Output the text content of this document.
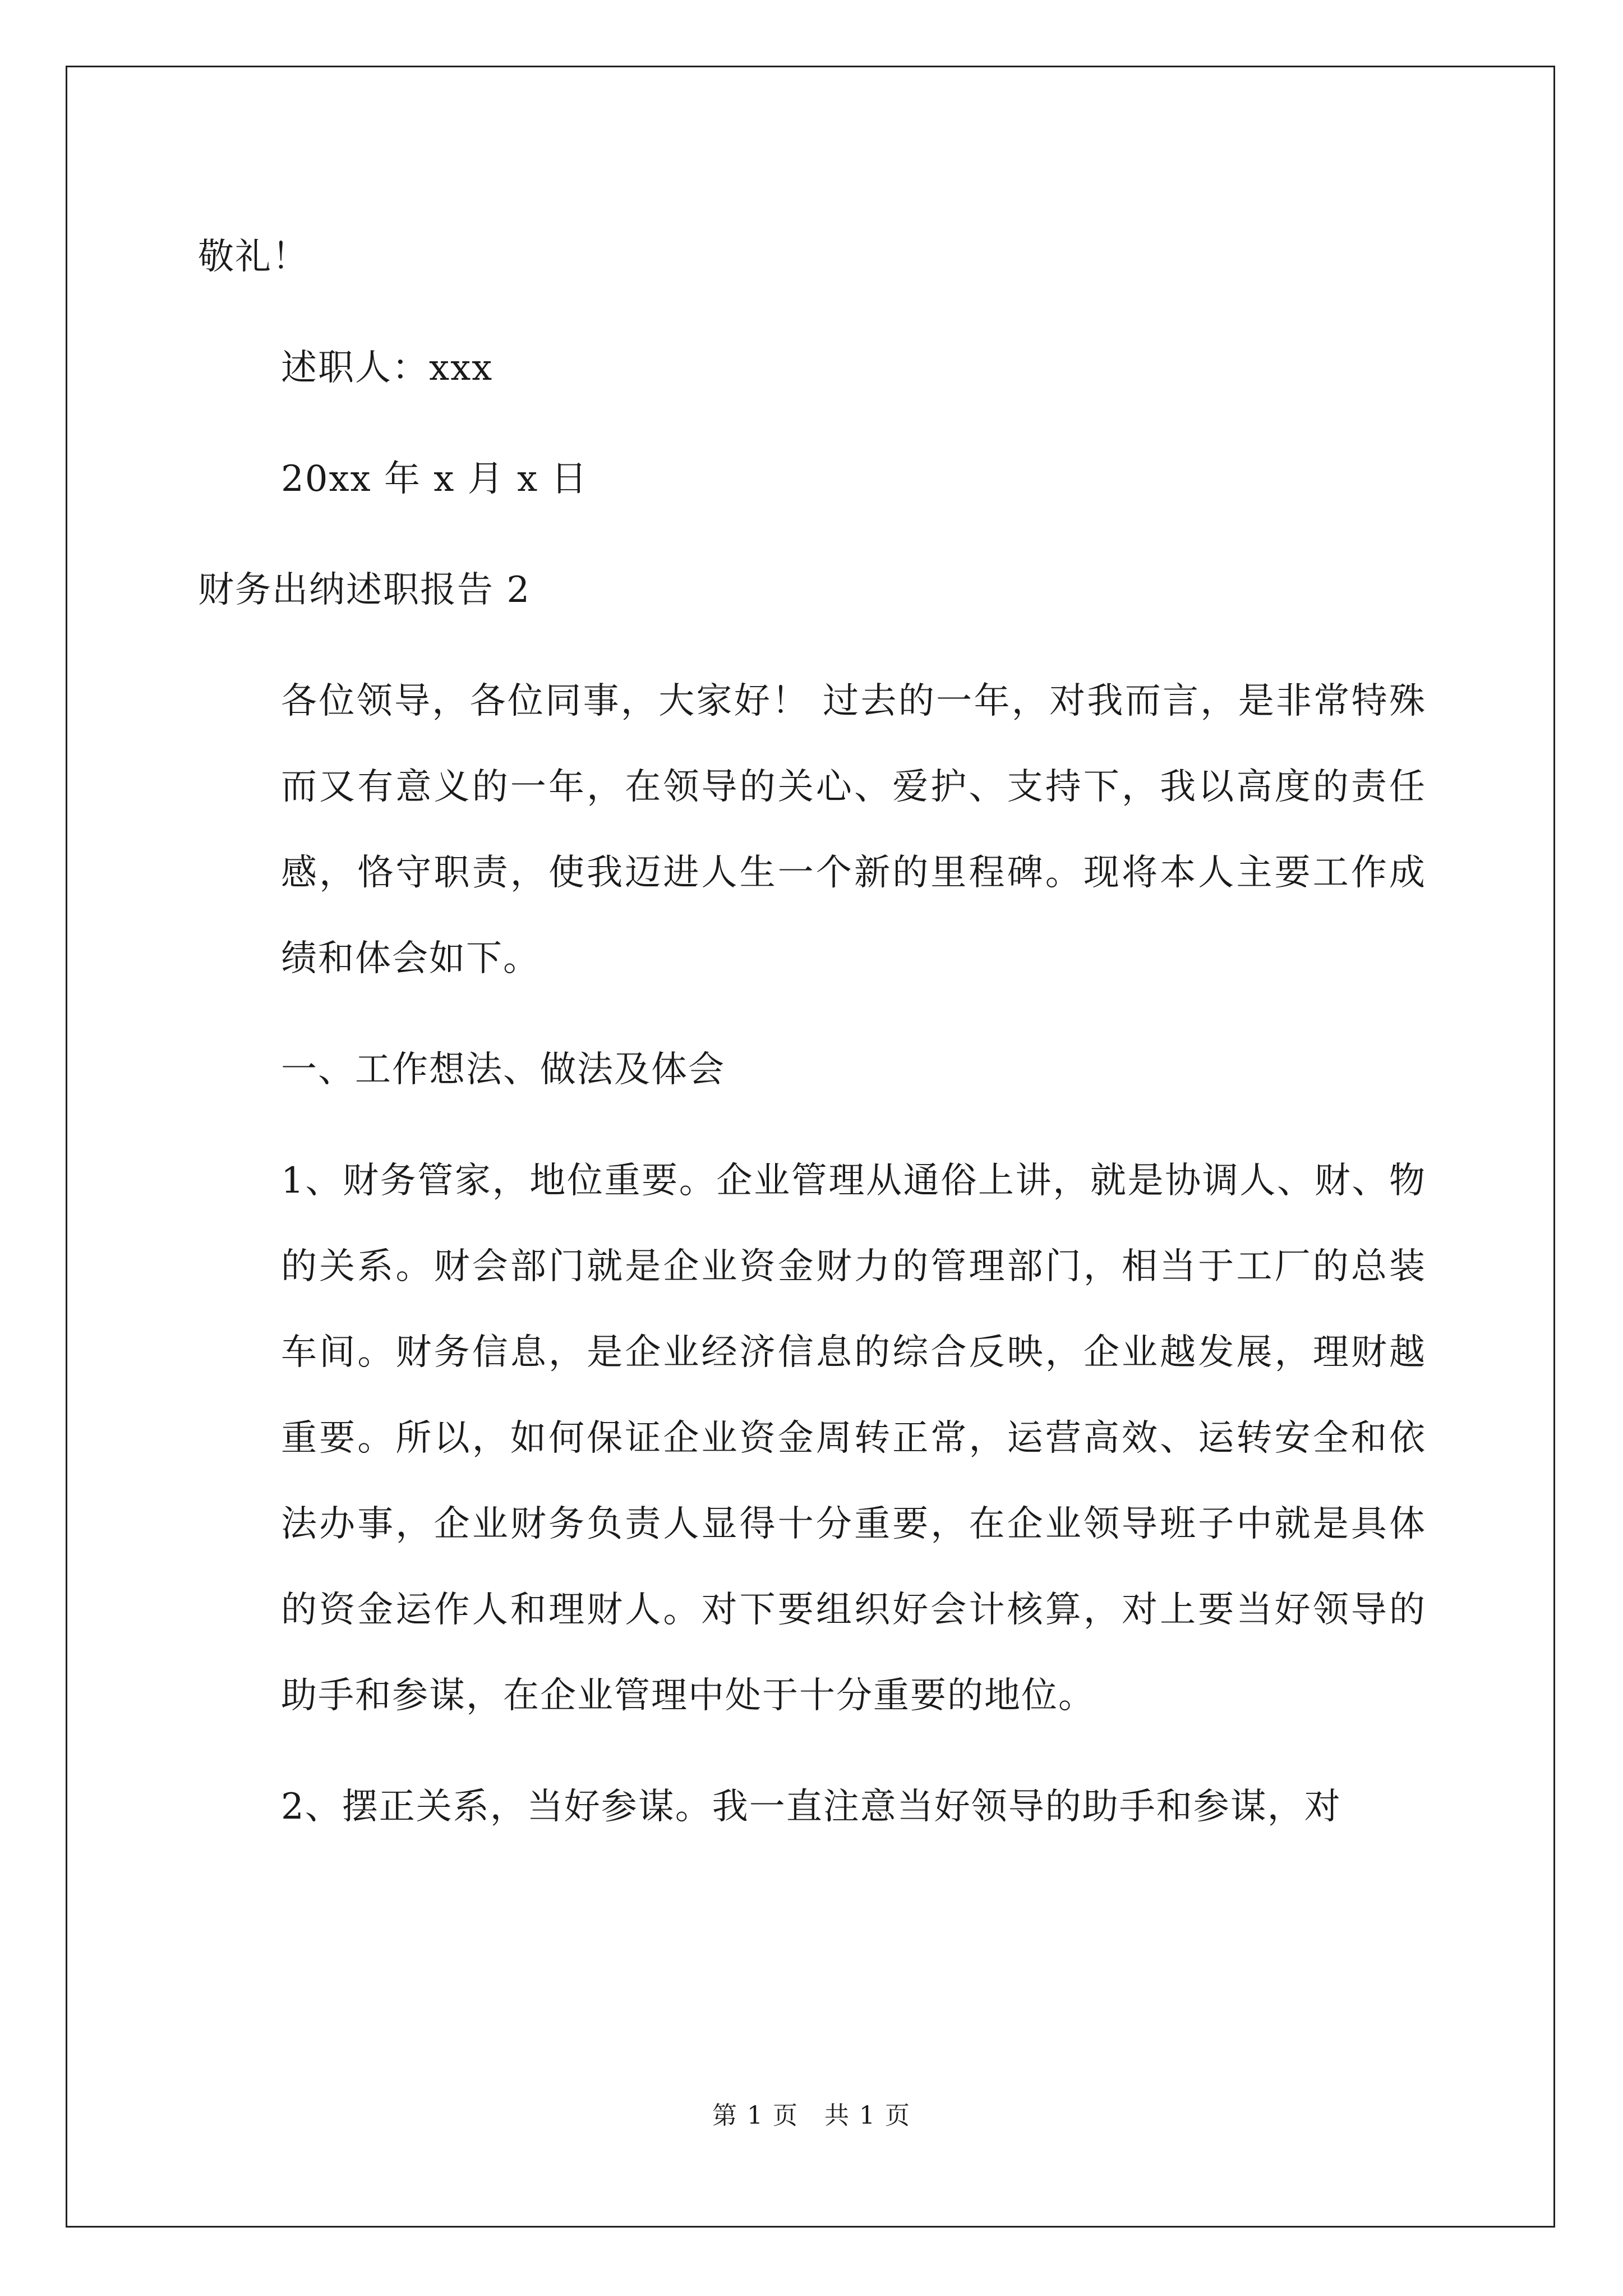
敬礼！
述职人：xxx
20xx 年 x 月 x 日
财务出纳述职报告 2
各位领导，各位同事，大家好！ 过去的一年，对我而言，是非常特殊而又有意义的一年，在领导的关心、爱护、支持下，我以高度的责任感，恪守职责，使我迈进人生一个新的里程碑。现将本人主要工作成绩和体会如下。
一、工作想法、做法及体会
1、财务管家，地位重要。企业管理从通俗上讲，就是协调人、财、物的关系。财会部门就是企业资金财力的管理部门，相当于工厂的总装车间。财务信息，是企业经济信息的综合反映，企业越发展，理财越重要。所以，如何保证企业资金周转正常，运营高效、运转安全和依法办事，企业财务负责人显得十分重要，在企业领导班子中就是具体的资金运作人和理财人。对下要组织好会计核算，对上要当好领导的助手和参谋，在企业管理中处于十分重要的地位。
2、摆正关系，当好参谋。我一直注意当好领导的助手和参谋，对
第 1 页　共 1 页
